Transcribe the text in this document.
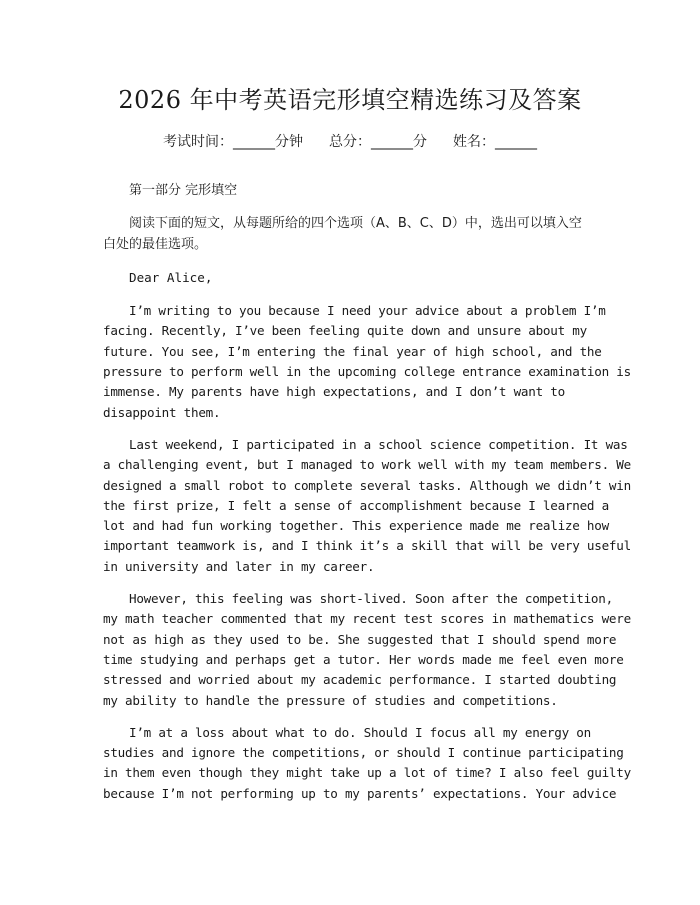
2026 年中考英语完形填空精选练习及答案
考试时间：______分钟 总分：______分 姓名：______

第一部分 完形填空

阅读下面的短文，从每题所给的四个选项（A、B、C、D）中，选出可以填入空
白处的最佳选项。

Dear Alice,

I’m writing to you because I need your advice about a problem I’m
facing. Recently, I’ve been feeling quite down and unsure about my
future. You see, I’m entering the final year of high school, and the
pressure to perform well in the upcoming college entrance examination is
immense. My parents have high expectations, and I don’t want to
disappoint them.
Last weekend, I participated in a school science competition. It was
a challenging event, but I managed to work well with my team members. We
designed a small robot to complete several tasks. Although we didn’t win
the first prize, I felt a sense of accomplishment because I learned a
lot and had fun working together. This experience made me realize how
important teamwork is, and I think it’s a skill that will be very useful
in university and later in my career.
However, this feeling was short-lived. Soon after the competition,
my math teacher commented that my recent test scores in mathematics were
not as high as they used to be. She suggested that I should spend more
time studying and perhaps get a tutor. Her words made me feel even more
stressed and worried about my academic performance. I started doubting
my ability to handle the pressure of studies and competitions.
I’m at a loss about what to do. Should I focus all my energy on
studies and ignore the competitions, or should I continue participating
in them even though they might take up a lot of time? I also feel guilty
because I’m not performing up to my parents’ expectations. Your advice
